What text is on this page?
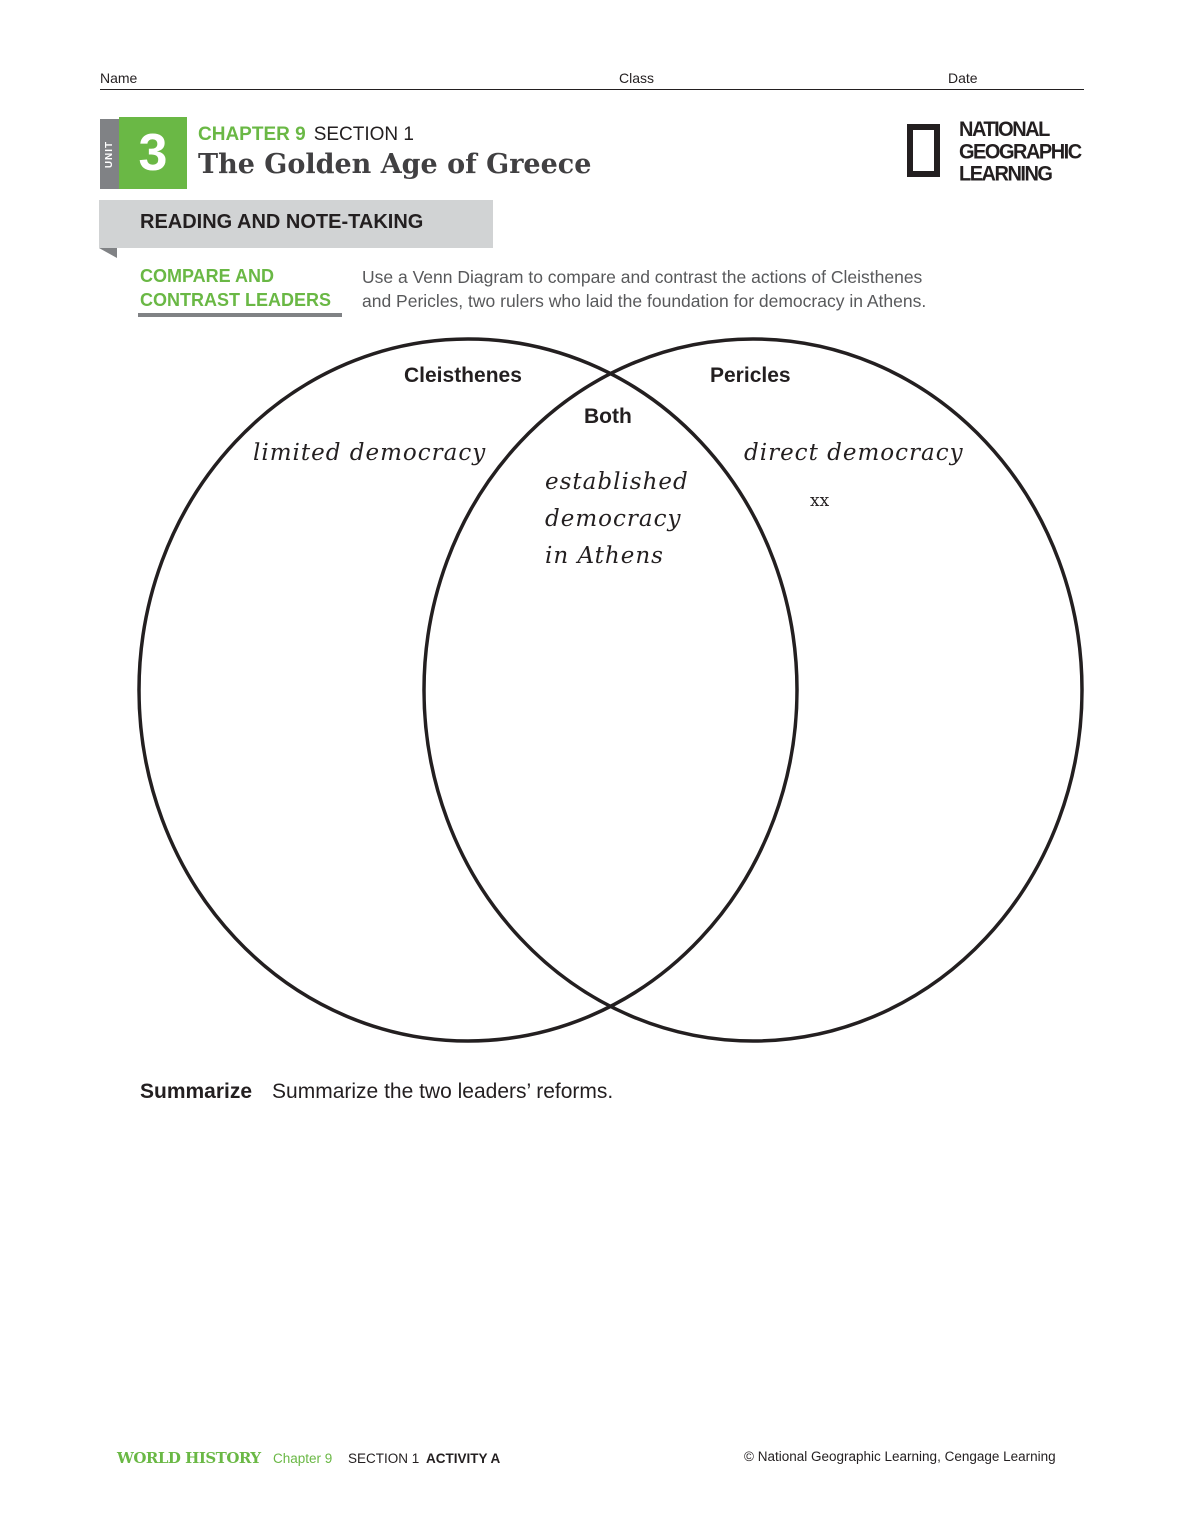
Name	Class	Date
UNIT 3	CHAPTER 9 SECTION 1
The Golden Age of Greece
NATIONAL
GEOGRAPHIC
LEARNING
READING AND NOTE-TAKING
COMPARE AND
CONTRAST LEADERS
Use a Venn Diagram to compare and contrast the actions of Cleisthenes
and Pericles, two rulers who laid the foundation for democracy in Athens.
Cleisthenes	Pericles
Both
limited democracy	direct democracy
xx
established
democracy
in Athens
Summarize Summarize the two leaders’ reforms.
WORLD HISTORY Chapter 9 SECTION 1 ACTIVITY A	© National Geographic Learning, Cengage Learning
